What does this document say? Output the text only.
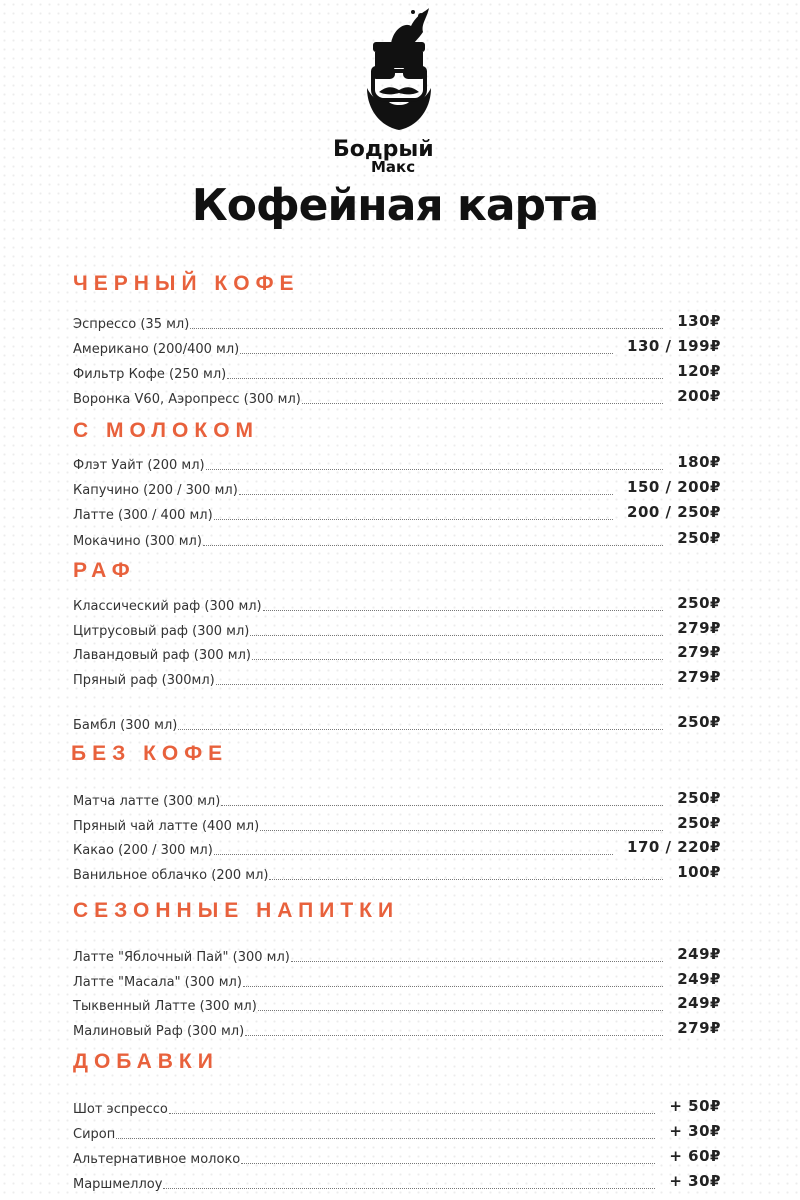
Бодрый
Макс
Кофейная карта
ЧЕРНЫЙ КОФЕ
Эспрессо (35 мл)	130₽
Американо (200/400 мл)	130 / 199₽
Фильтр Кофе (250 мл)	120₽
Воронка V60, Аэропресс (300 мл)	200₽
С МОЛОКОМ
Флэт Уайт (200 мл)	180₽
Капучино (200 / 300 мл)	150 / 200₽
Латте (300 / 400 мл)	200 / 250₽
Мокачино (300 мл)	250₽
РАФ
Классический раф (300 мл)	250₽
Цитрусовый раф (300 мл)	279₽
Лавандовый раф (300 мл)	279₽
Пряный раф (300мл)	279₽
Бамбл (300 мл)	250₽
БЕЗ КОФЕ
Матча латте (300 мл)	250₽
Пряный чай латте (400 мл)	250₽
Какао (200 / 300 мл)	170 / 220₽
Ванильное облачко (200 мл)	100₽
СЕЗОННЫЕ НАПИТКИ
Латте "Яблочный Пай" (300 мл)	249₽
Латте "Масала" (300 мл)	249₽
Тыквенный Латте (300 мл)	249₽
Малиновый Раф (300 мл)	279₽
ДОБАВКИ
Шот эспрессо	+ 50₽
Сироп	+ 30₽
Альтернативное молоко	+ 60₽
Маршмеллоу	+ 30₽
